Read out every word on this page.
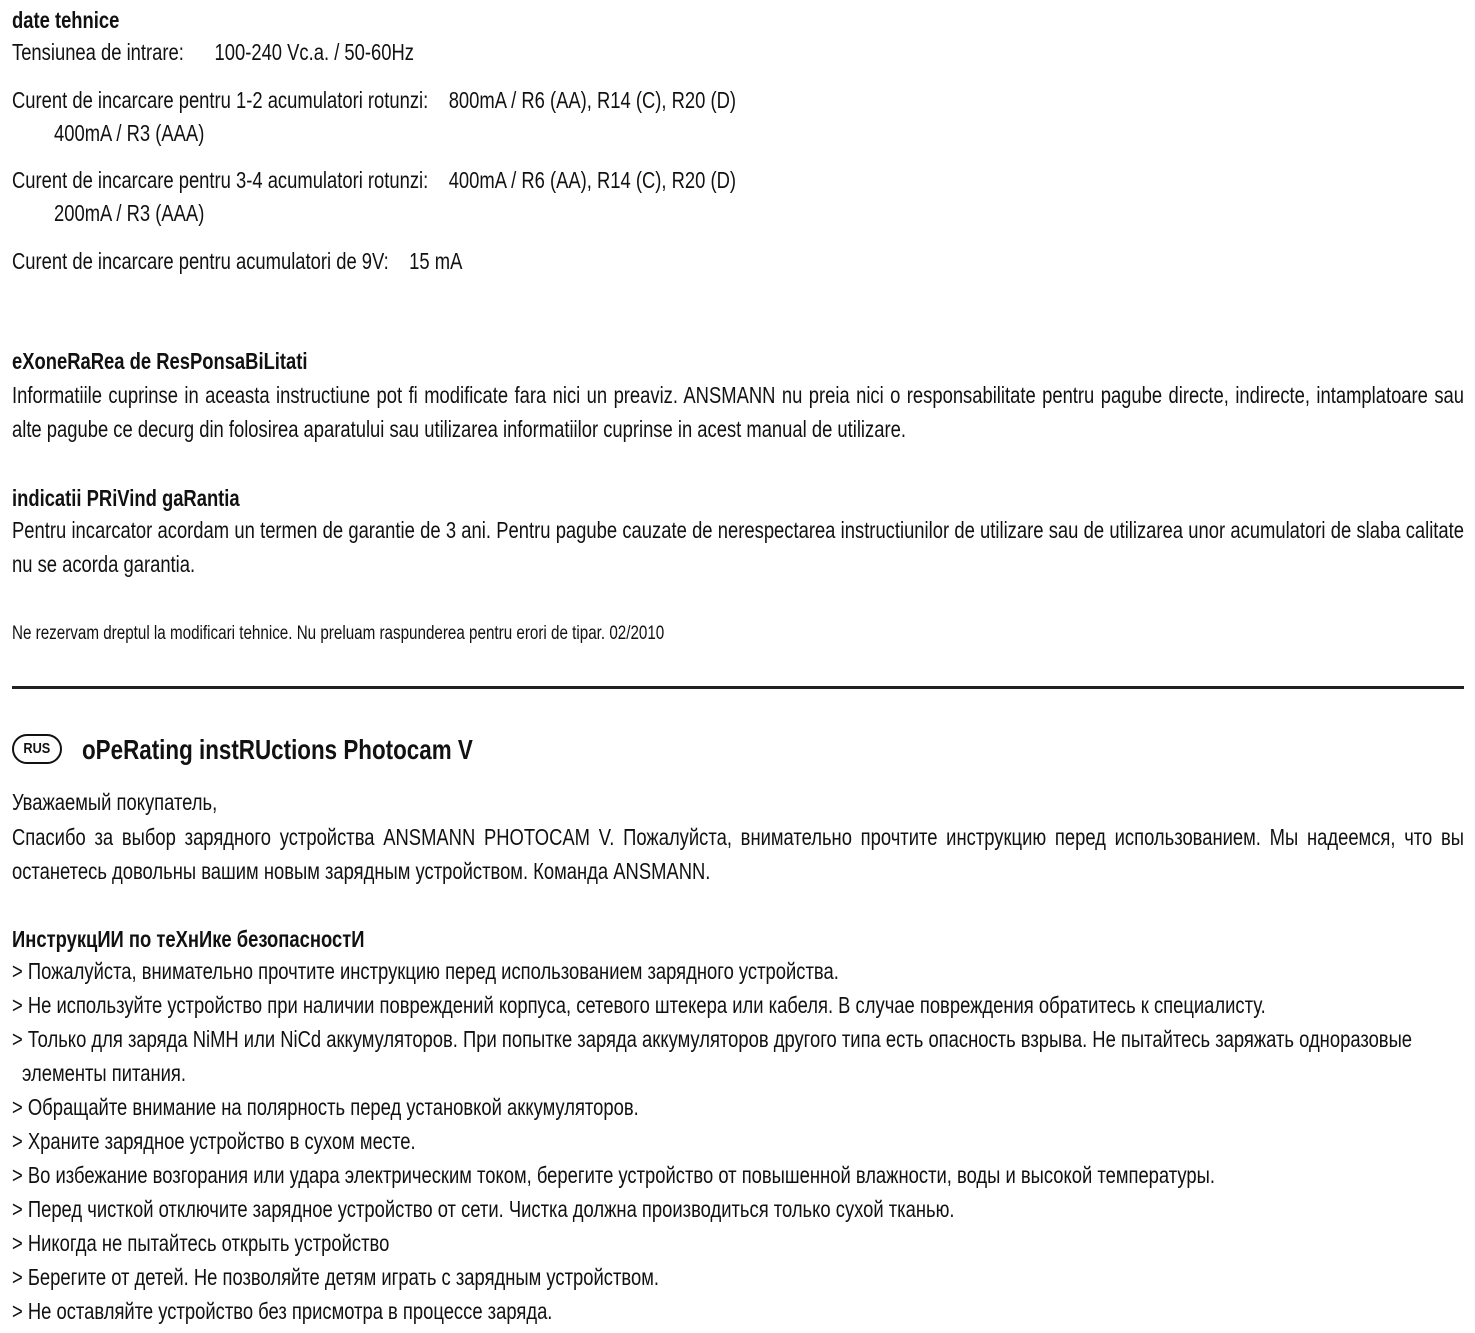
date tehnice
Tensiunea de intrare:      100-240 Vc.a. / 50-60Hz
Curent de incarcare pentru 1-2 acumulatori rotunzi:    800mA / R6 (AA), R14 (C), R20 (D)
400mA / R3 (AAA)
Curent de incarcare pentru 3-4 acumulatori rotunzi:    400mA / R6 (AA), R14 (C), R20 (D)
200mA / R3 (AAA)
Curent de incarcare pentru acumulatori de 9V:    15 mA
eXoneRaRea de ResPonsaBiLitati

Informatiile cuprinse in aceasta instructiune pot fi modificate fara nici un preaviz. ANSMANN nu preia nici o responsabilitate pentru pagube directe, indirecte, intamplatoare sau alte pagube ce decurg din folosirea aparatului sau utilizarea informatiilor cuprinse in acest manual de utilizare.

indicatii PRiVind gaRantia

Pentru incarcator acordam un termen de garantie de 3 ani. Pentru pagube cauzate de nerespectarea instructiunilor de utilizare sau de utilizarea unor acumulatori de slaba calitate nu se acorda garantia.

Ne rezervam dreptul la modificari tehnice. Nu preluam raspunderea pentru erori de tipar. 02/2010
RUS	oPeRating instRUctions Photocam V
Уважаемый покупатель,

Спасибо за выбор зарядного устройства ANSMANN PHOTOCAM V. Пожалуйста, внимательно прочтите инструкцию перед использованием. Мы надеемся, что вы останетесь довольны вашим новым зарядным устройством. Команда ANSMANN.

ИнструкцИИ по теХнИке безопасностИ
> Пожалуйста, внимательно прочтите инструкцию перед использованием зарядного устройства.
> Не используйте устройство при наличии повреждений корпуса, сетевого штекера или кабеля. В случае повреждения обратитесь к специалисту.
> Только для заряда NiMH или NiCd аккумуляторов. При попытке заряда аккумуляторов другого типа есть опасность взрыва. Не пытайтесь заряжать одноразовые
элементы питания.
> Обращайте внимание на полярность перед установкой аккумуляторов.
> Храните зарядное устройство в сухом месте.
> Во избежание возгорания или удара электрическим током, берегите устройство от повышенной влажности, воды и высокой температуры.
> Перед чисткой отключите зарядное устройство от сети. Чистка должна производиться только сухой тканью.
> Никогда не пытайтесь открыть устройство
> Берегите от детей. Не позволяйте детям играть с зарядным устройством.
> Не оставляйте устройство без присмотра в процессе заряда.
